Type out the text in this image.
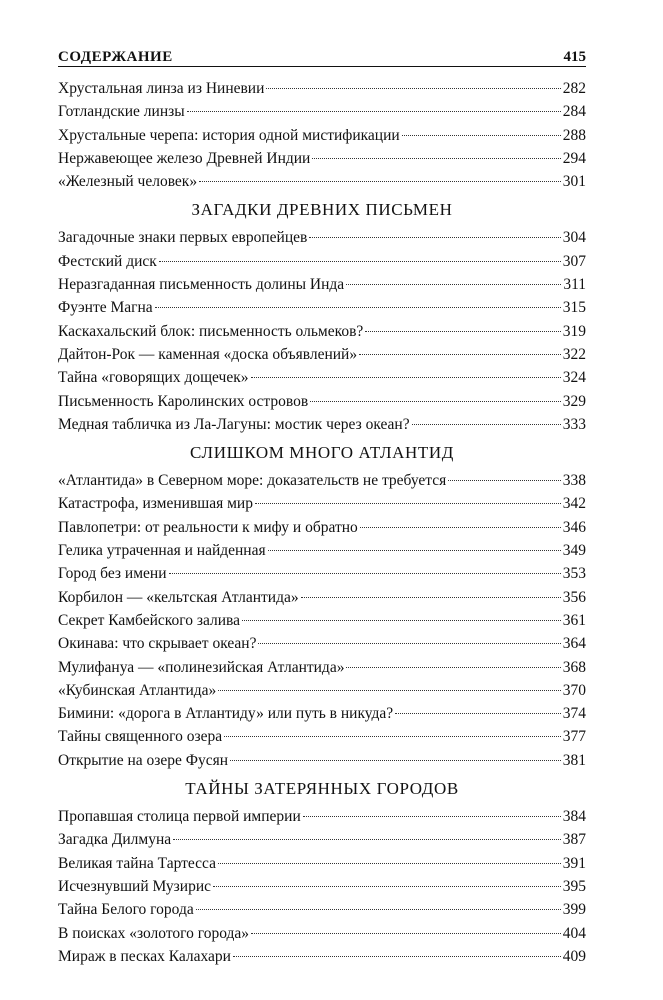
СОДЕРЖАНИЕ	415
Хрустальная линза из Ниневии	282
Готландские линзы	284
Хрустальные черепа: история одной мистификации	288
Нержавеющее железо Древней Индии	294
«Железный человек»	301
ЗАГАДКИ ДРЕВНИХ ПИСЬМЕН
Загадочные знаки первых европейцев	304
Фестский диск	307
Неразгаданная письменность долины Инда	311
Фуэнте Магна	315
Каскахальский блок: письменность ольмеков?	319
Дайтон-Рок — каменная «доска объявлений»	322
Тайна «говорящих дощечек»	324
Письменность Каролинских островов	329
Медная табличка из Ла-Лагуны: мостик через океан?	333
СЛИШКОМ МНОГО АТЛАНТИД
«Атлантида» в Северном море: доказательств не требуется	338
Катастрофа, изменившая мир	342
Павлопетри: от реальности к мифу и обратно	346
Гелика утраченная и найденная	349
Город без имени	353
Корбилон — «кельтская Атлантида»	356
Секрет Камбейского залива	361
Окинава: что скрывает океан?	364
Мулифануа — «полинезийская Атлантида»	368
«Кубинская Атлантида»	370
Бимини: «дорога в Атлантиду» или путь в никуда?	374
Тайны священного озера	377
Открытие на озере Фусян	381
ТАЙНЫ ЗАТЕРЯННЫХ ГОРОДОВ
Пропавшая столица первой империи	384
Загадка Дилмуна	387
Великая тайна Тартесса	391
Исчезнувший Музирис	395
Тайна Белого города	399
В поисках «золотого города»	404
Мираж в песках Калахари	409
